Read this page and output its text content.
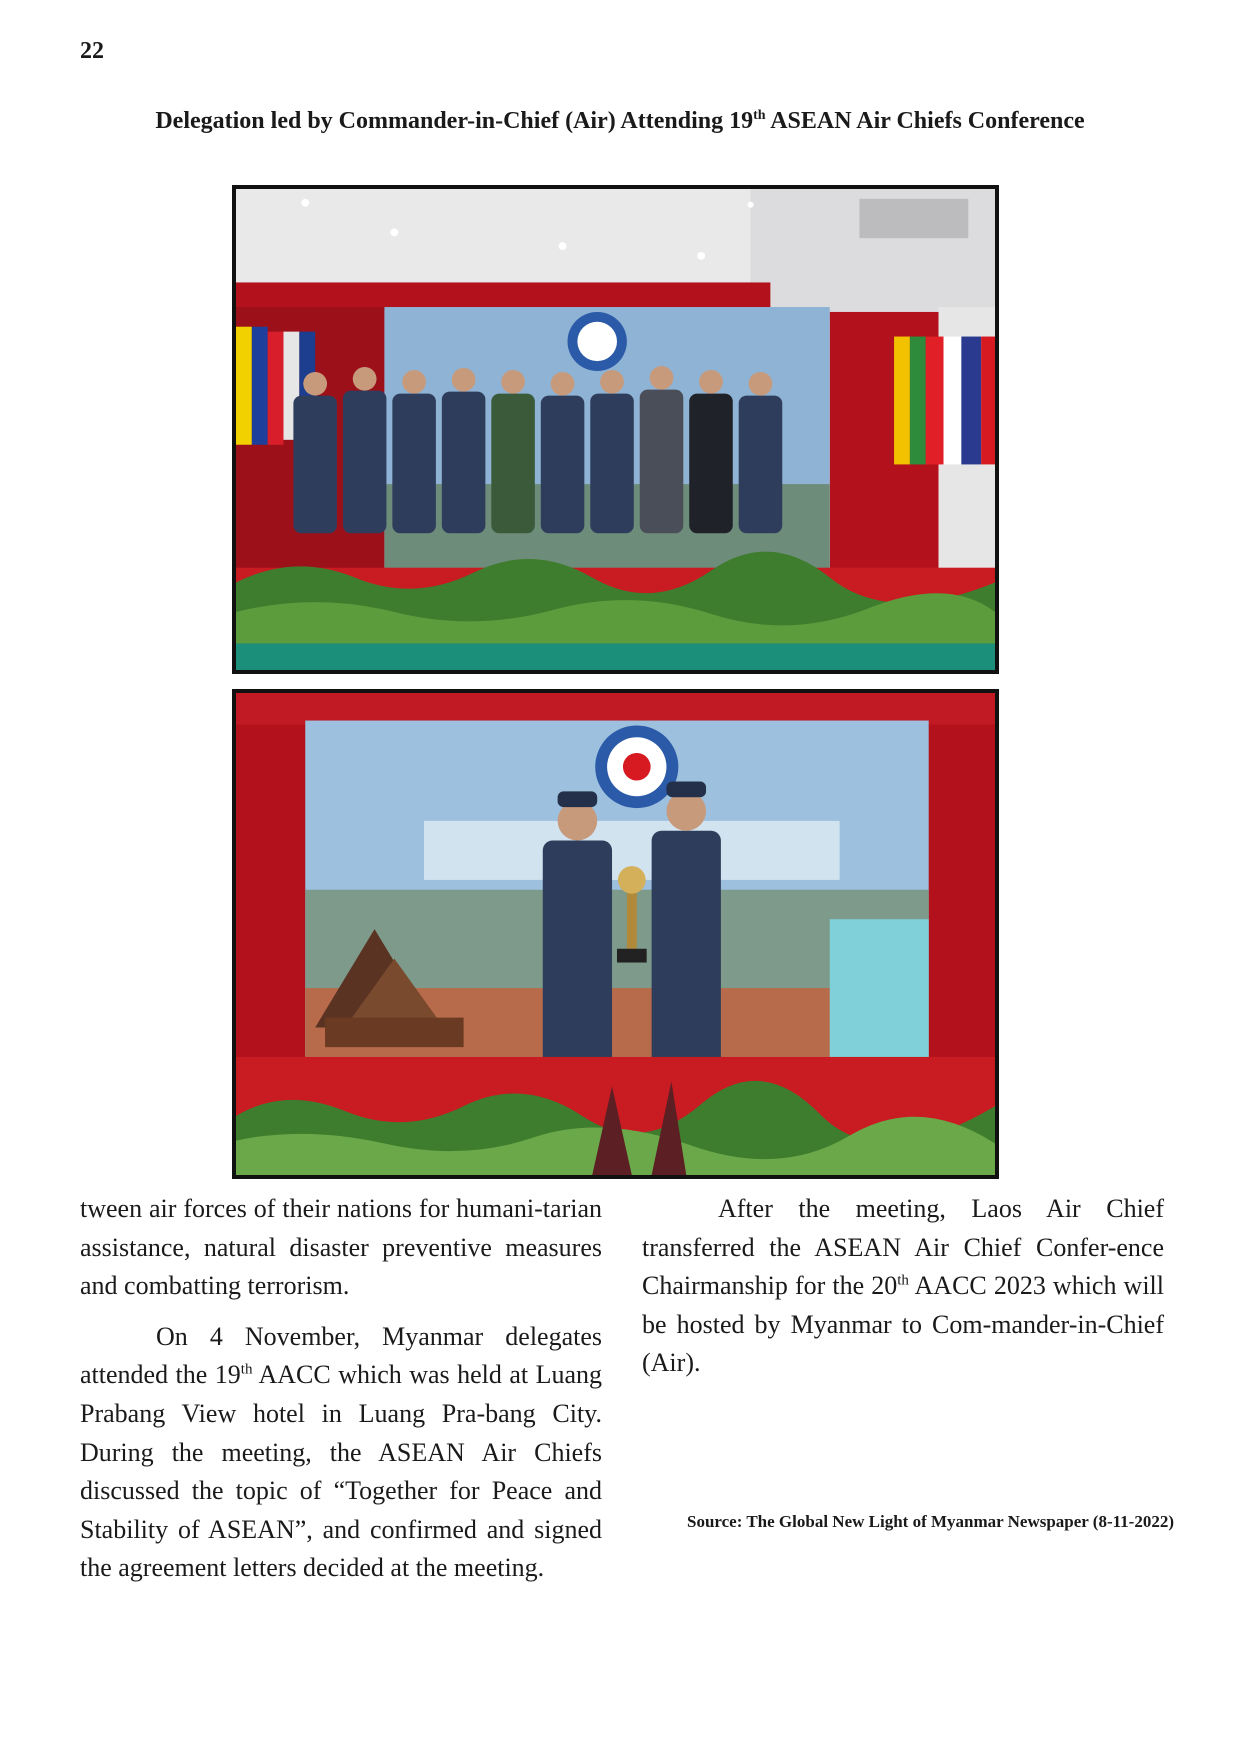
22
Delegation led by Commander-in-Chief (Air) Attending 19th ASEAN Air Chiefs Conference

tween air forces of their nations for humani-tarian assistance, natural disaster preventive measures and combatting terrorism.

On 4 November, Myanmar delegates attended the 19th AACC which was held at Luang Prabang View hotel in Luang Pra-bang City. During the meeting, the ASEAN Air Chiefs discussed the topic of “Together for Peace and Stability of ASEAN”, and confirmed and signed the agreement letters decided at the meeting.

After the meeting, Laos Air Chief transferred the ASEAN Air Chief Confer-ence Chairmanship for the 20th AACC 2023 which will be hosted by Myanmar to Com-mander-in-Chief (Air).

Source: The Global New Light of Myanmar Newspaper (8-11-2022)
